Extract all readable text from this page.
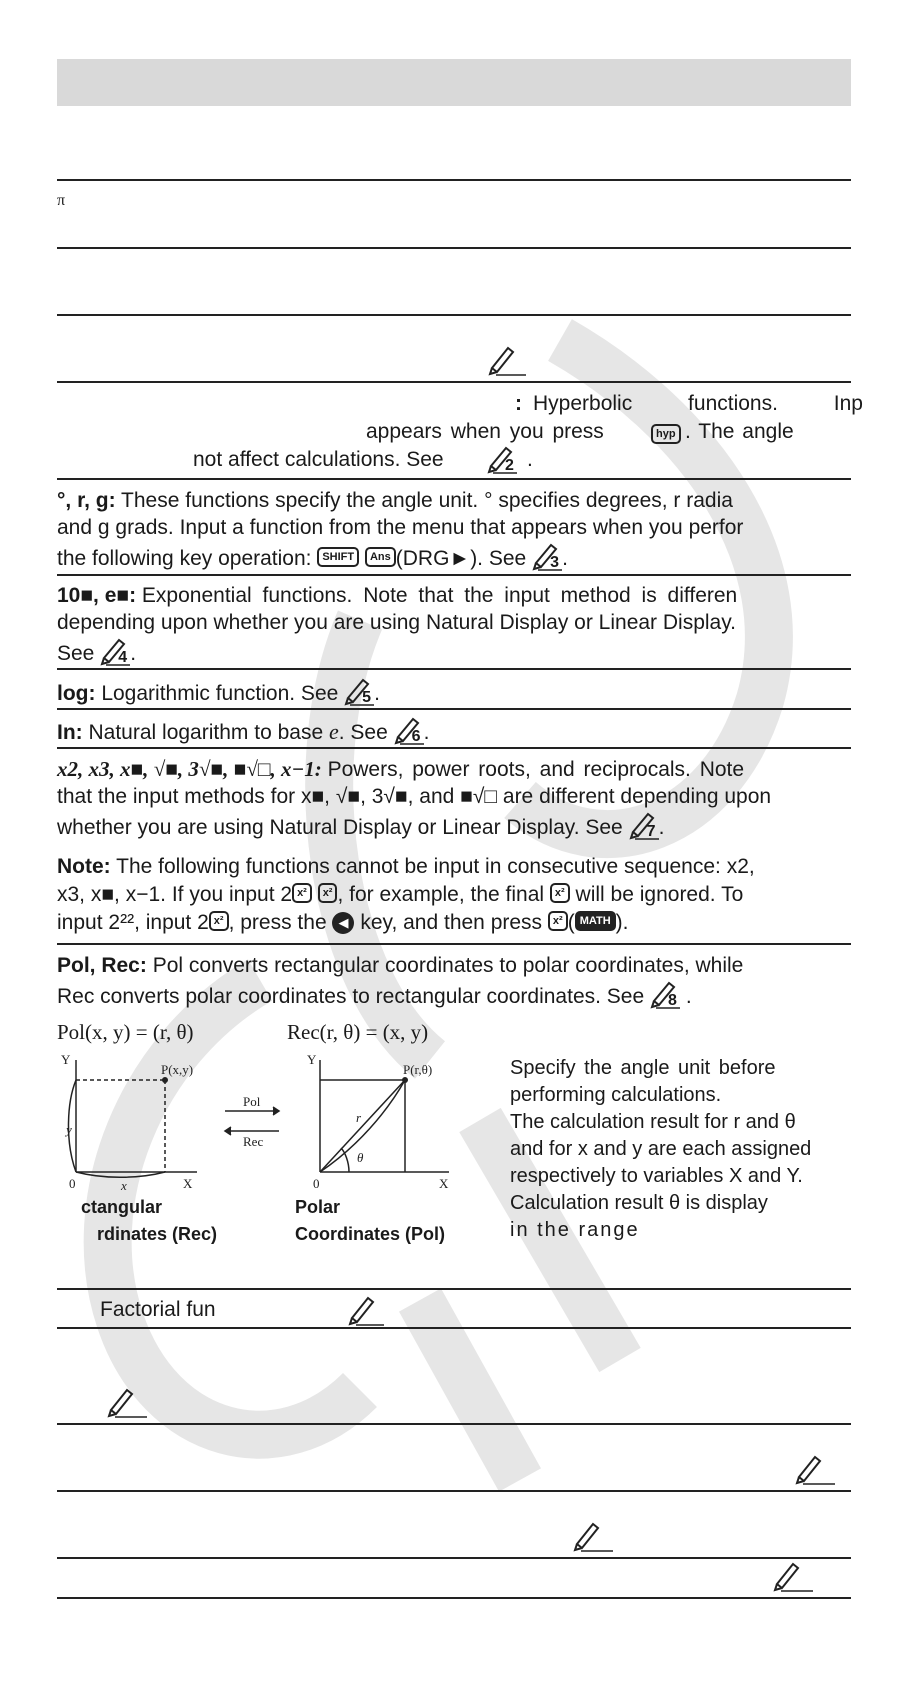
π
: Hyperbolic functions. Inp
appears when you press	hyp . The angle
not affect calculations. See	2 .
°, r, g: These functions specify the angle unit. ° specifies degrees, r radia
and g grads. Input a function from the menu that appears when you perfor
the following key operation: SHIFT Ans (DRG►). See 3 .
10■, e■: Exponential functions. Note that the input method is differen
depending upon whether you are using Natural Display or Linear Display.
See 4 .
log: Logarithmic function. See 5 .
In: Natural logarithm to base e. See 6 .
x2, x3, x■, √■, 3√■, ■√□, x−1: Powers, power roots, and reciprocals. Note
that the input methods for x■, √■, 3√■, and ■√□ are different depending upon
whether you are using Natural Display or Linear Display. See 7 .
Note: The following functions cannot be input in consecutive sequence: x2,
x3, x■, x−1. If you input 2 x² x² , for example, the final x² will be ignored. To
input 2²², input 2 x² , press the ◀ key, and then press x² ( MATH ).
Pol, Rec: Pol converts rectangular coordinates to polar coordinates, while
Rec converts polar coordinates to rectangular coordinates. See 8 .
Pol(x, y) = (r, θ)	Rec(r, θ) = (x, y)
Y
X
0
P(x,y)
x
y
Pol
Rec
Y
X
0
P(r,θ)
r
θ
ctangular
rdinates (Rec)
Polar
Coordinates (Pol)
Specify the angle unit before
performing calculations.
The calculation result for r and θ
and for x and y are each assigned
respectively to variables X and Y.
Calculation result θ is display
in the range
Factorial fun
